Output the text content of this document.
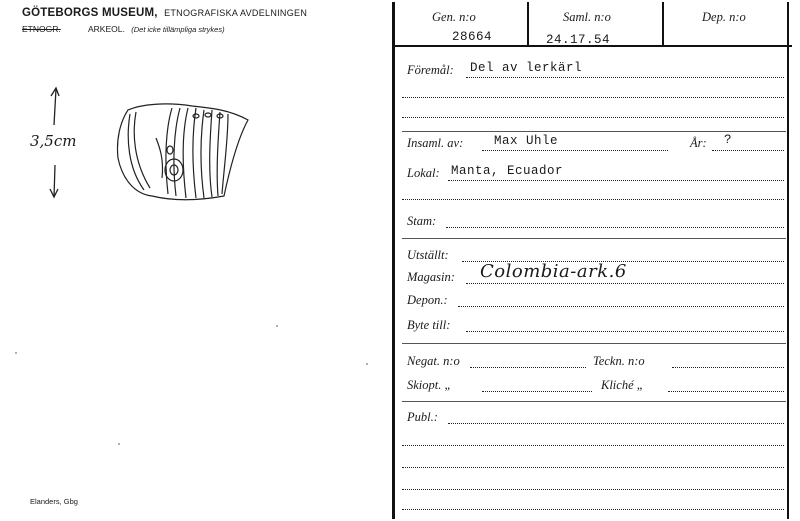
GÖTEBORGS MUSEUM, ETNOGRAFISKA AVDELNINGEN
ETNOGR.	ARKEOL. (Det icke tillämpliga strykes)
3,5cm
Elanders, Gbg
Gen. n:o
28664
Saml. n:o
24.17.54
Dep. n:o
Föremål: Del av lerkärl
Insaml. av: Max Uhle	År: ?
Lokal: Manta, Ecuador
Stam:
Utställt:
Magasin: Colombia-ark.6
Depon.:
Byte till:
Negat. n:o	Teckn. n:o
Skiopt. „	Kliché „
Publ.:
